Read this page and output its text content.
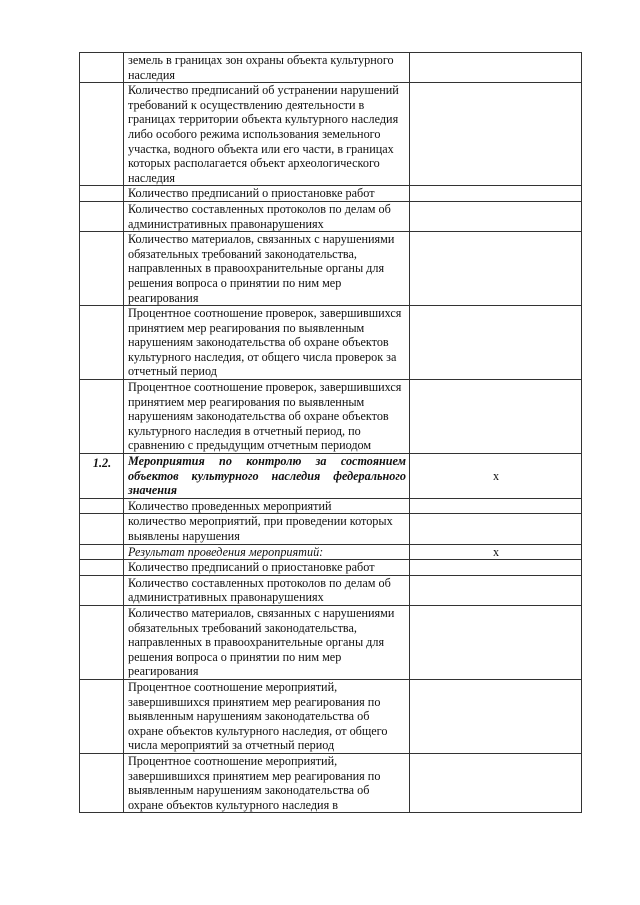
	земель в границах зон охраны объекта культурного наследия	
	Количество предписаний об устранении нарушений требований к осуществлению деятельности в границах территории объекта культурного наследия либо особого режима использования земельного участка, водного объекта или его части, в границах которых располагается объект археологического наследия	
	Количество предписаний о приостановке работ	
	Количество составленных протоколов по делам об административных правонарушениях	
	Количество материалов, связанных с нарушениями обязательных требований законодательства, направленных в правоохранительные органы для решения вопроса о принятии по ним мер реагирования	
	Процентное соотношение проверок, завершившихся принятием мер реагирования по выявленным нарушениям законодательства об охране объектов культурного наследия, от общего числа проверок за отчетный период	
	Процентное соотношение проверок, завершившихся принятием мер реагирования по выявленным нарушениям законодательства об охране объектов культурного наследия в отчетный период, по сравнению с предыдущим отчетным периодом	
1.2.	Мероприятия по контролю за состоянием объектов культурного наследия федерального значения	x
	Количество проведенных мероприятий	
	количество мероприятий, при проведении которых выявлены нарушения	
	Результат проведения мероприятий:	x
	Количество предписаний о приостановке работ	
	Количество составленных протоколов по делам об административных правонарушениях	
	Количество материалов, связанных с нарушениями обязательных требований законодательства, направленных в правоохранительные органы для решения вопроса о принятии по ним мер реагирования	
	Процентное соотношение мероприятий, завершившихся принятием мер реагирования по выявленным нарушениям законодательства об охране объектов культурного наследия, от общего числа мероприятий за отчетный период	
	Процентное соотношение мероприятий, завершившихся принятием мер реагирования по выявленным нарушениям законодательства об охране объектов культурного наследия в	
